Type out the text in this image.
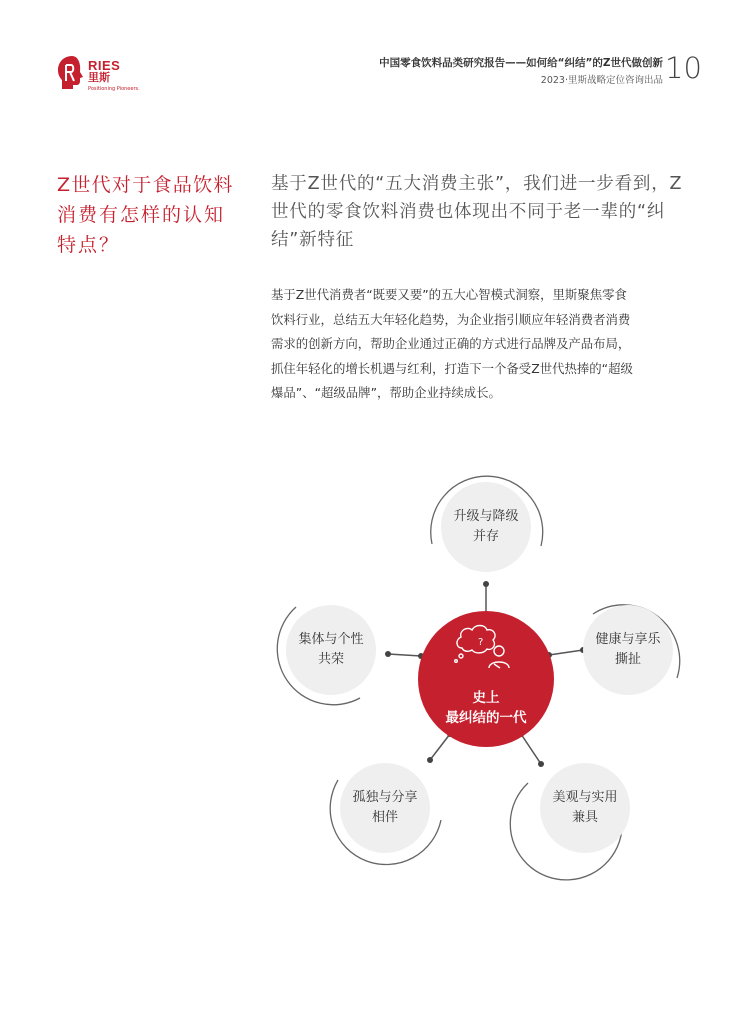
RIES
里斯
Positioning Pioneers.
中国零食饮料品类研究报告——如何给“纠结”的Z世代做创新
2023·里斯战略定位咨询出品 10
Z世代对于食品饮料
消费有怎样的认知
特点？
基于Z世代的“五大消费主张”，我们进一步看到，Z
世代的零食饮料消费也体现出不同于老一辈的“纠
结”新特征
基于Z世代消费者“既要又要”的五大心智模式洞察，里斯聚焦零食
饮料行业，总结五大年轻化趋势，为企业指引顺应年轻消费者消费
需求的创新方向，帮助企业通过正确的方式进行品牌及产品布局，
抓住年轻化的增长机遇与红利，打造下一个备受Z世代热捧的“超级
爆品”、“超级品牌”，帮助企业持续成长。
?
史上
最纠结的一代
升级与降级
并存
健康与享乐
撕扯
美观与实用
兼具
孤独与分享
相伴
集体与个性
共荣
